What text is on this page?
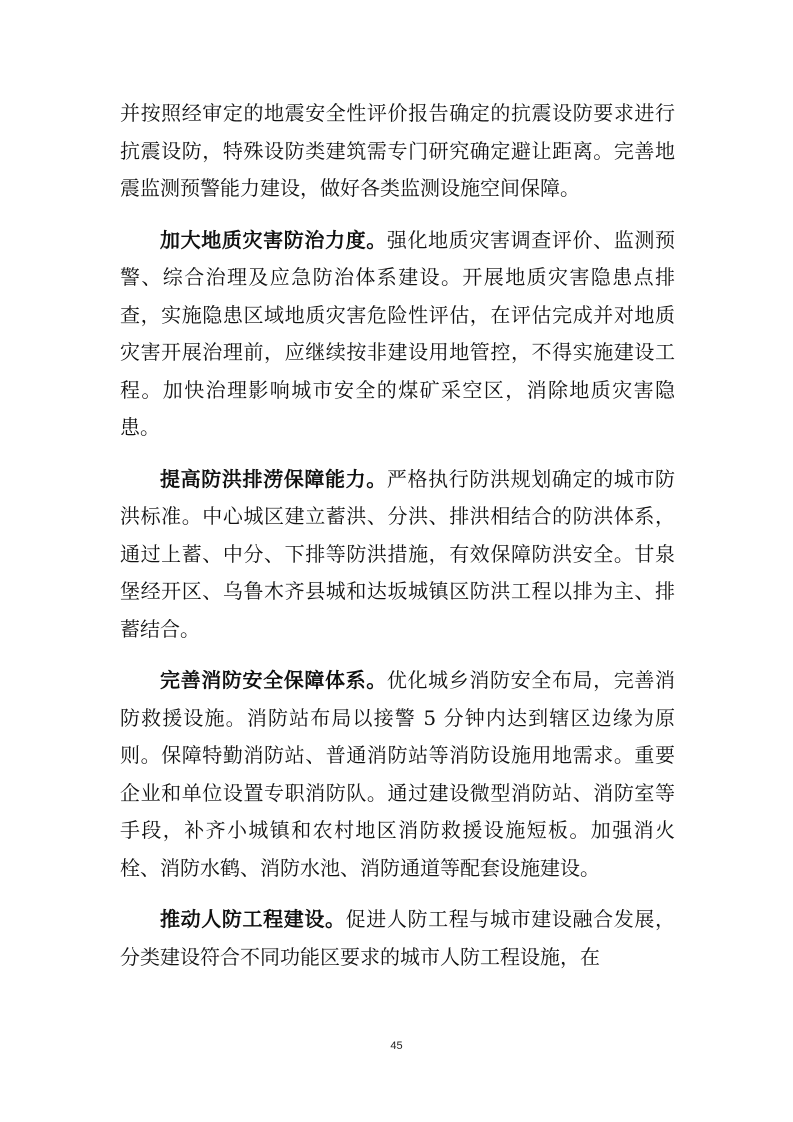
并按照经审定的地震安全性评价报告确定的抗震设防要求进行抗震设防，特殊设防类建筑需专门研究确定避让距离。完善地震监测预警能力建设，做好各类监测设施空间保障。

加大地质灾害防治力度。强化地质灾害调查评价、监测预警、综合治理及应急防治体系建设。开展地质灾害隐患点排查，实施隐患区域地质灾害危险性评估，在评估完成并对地质灾害开展治理前，应继续按非建设用地管控，不得实施建设工程。加快治理影响城市安全的煤矿采空区，消除地质灾害隐患。

提高防洪排涝保障能力。严格执行防洪规划确定的城市防洪标准。中心城区建立蓄洪、分洪、排洪相结合的防洪体系，通过上蓄、中分、下排等防洪措施，有效保障防洪安全。甘泉堡经开区、乌鲁木齐县城和达坂城镇区防洪工程以排为主、排蓄结合。

完善消防安全保障体系。优化城乡消防安全布局，完善消防救援设施。消防站布局以接警 5 分钟内达到辖区边缘为原则。保障特勤消防站、普通消防站等消防设施用地需求。重要企业和单位设置专职消防队。通过建设微型消防站、消防室等手段，补齐小城镇和农村地区消防救援设施短板。加强消火栓、消防水鹤、消防水池、消防通道等配套设施建设。

推动人防工程建设。促进人防工程与城市建设融合发展，分类建设符合不同功能区要求的城市人防工程设施，在

45
